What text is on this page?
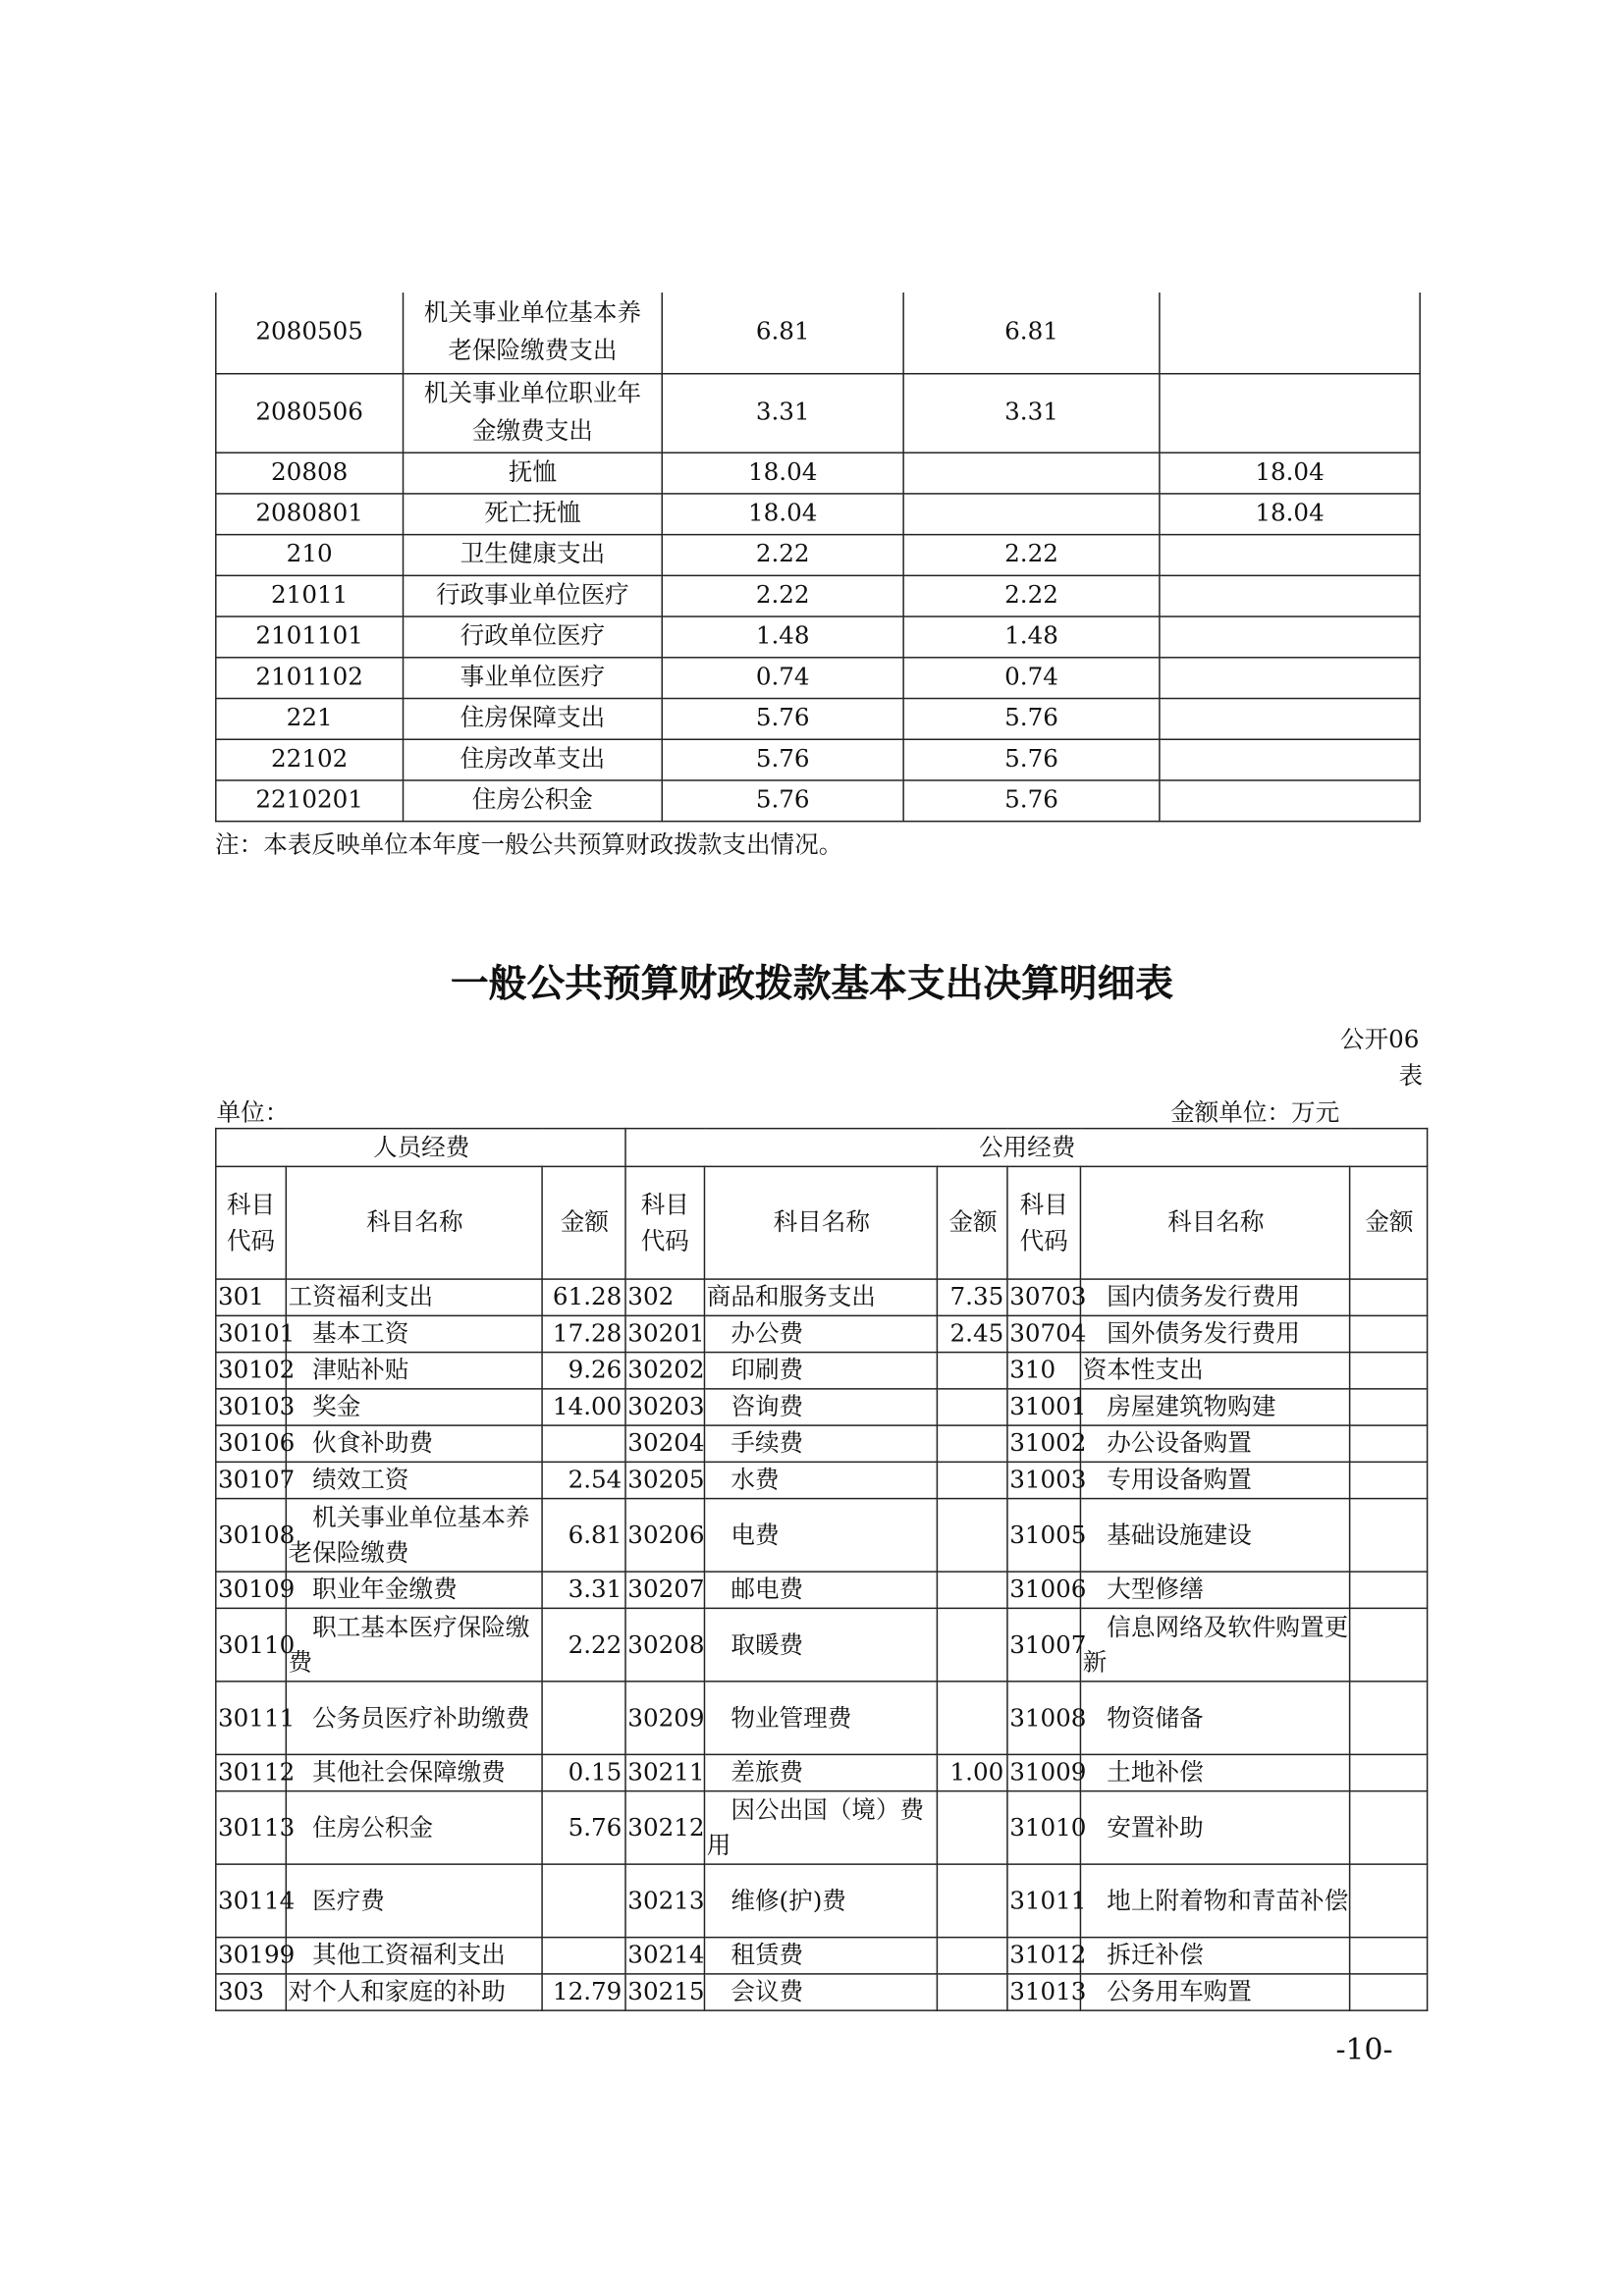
2080505	机关事业单位基本养老保险缴费支出	6.81	6.81	
2080506	机关事业单位职业年金缴费支出	3.31	3.31	
20808	抚恤	18.04		18.04
2080801	死亡抚恤	18.04		18.04
210	卫生健康支出	2.22	2.22	
21011	行政事业单位医疗	2.22	2.22	
2101101	行政单位医疗	1.48	1.48	
2101102	事业单位医疗	0.74	0.74	
221	住房保障支出	5.76	5.76	
22102	住房改革支出	5.76	5.76	
2210201	住房公积金	5.76	5.76	
注：本表反映单位本年度一般公共预算财政拨款支出情况。
一般公共预算财政拨款基本支出决算明细表
公开06
表
单位：	金额单位：万元
人员经费			公用经费					
科目代码	科目名称	金额	科目代码	科目名称	金额	科目代码	科目名称	金额
301	工资福利支出	61.28	302	商品和服务支出	7.35	30703	国内债务发行费用	
30101	基本工资	17.28	30201	办公费	2.45	30704	国外债务发行费用	
30102	津贴补贴	9.26	30202	印刷费		310	资本性支出	
30103	奖金	14.00	30203	咨询费		31001	房屋建筑物购建	
30106	伙食补助费		30204	手续费		31002	办公设备购置	
30107	绩效工资	2.54	30205	水费		31003	专用设备购置	
30108	机关事业单位基本养老保险缴费	6.81	30206	电费		31005	基础设施建设	
30109	职业年金缴费	3.31	30207	邮电费		31006	大型修缮	
30110	职工基本医疗保险缴费	2.22	30208	取暖费		31007	信息网络及软件购置更新	
30111	公务员医疗补助缴费		30209	物业管理费		31008	物资储备	
30112	其他社会保障缴费	0.15	30211	差旅费	1.00	31009	土地补偿	
30113	住房公积金	5.76	30212	因公出国（境）费用		31010	安置补助	
30114	医疗费		30213	维修(护)费		31011	地上附着物和青苗补偿	
30199	其他工资福利支出		30214	租赁费		31012	拆迁补偿	
303	对个人和家庭的补助	12.79	30215	会议费		31013	公务用车购置	
-10-
